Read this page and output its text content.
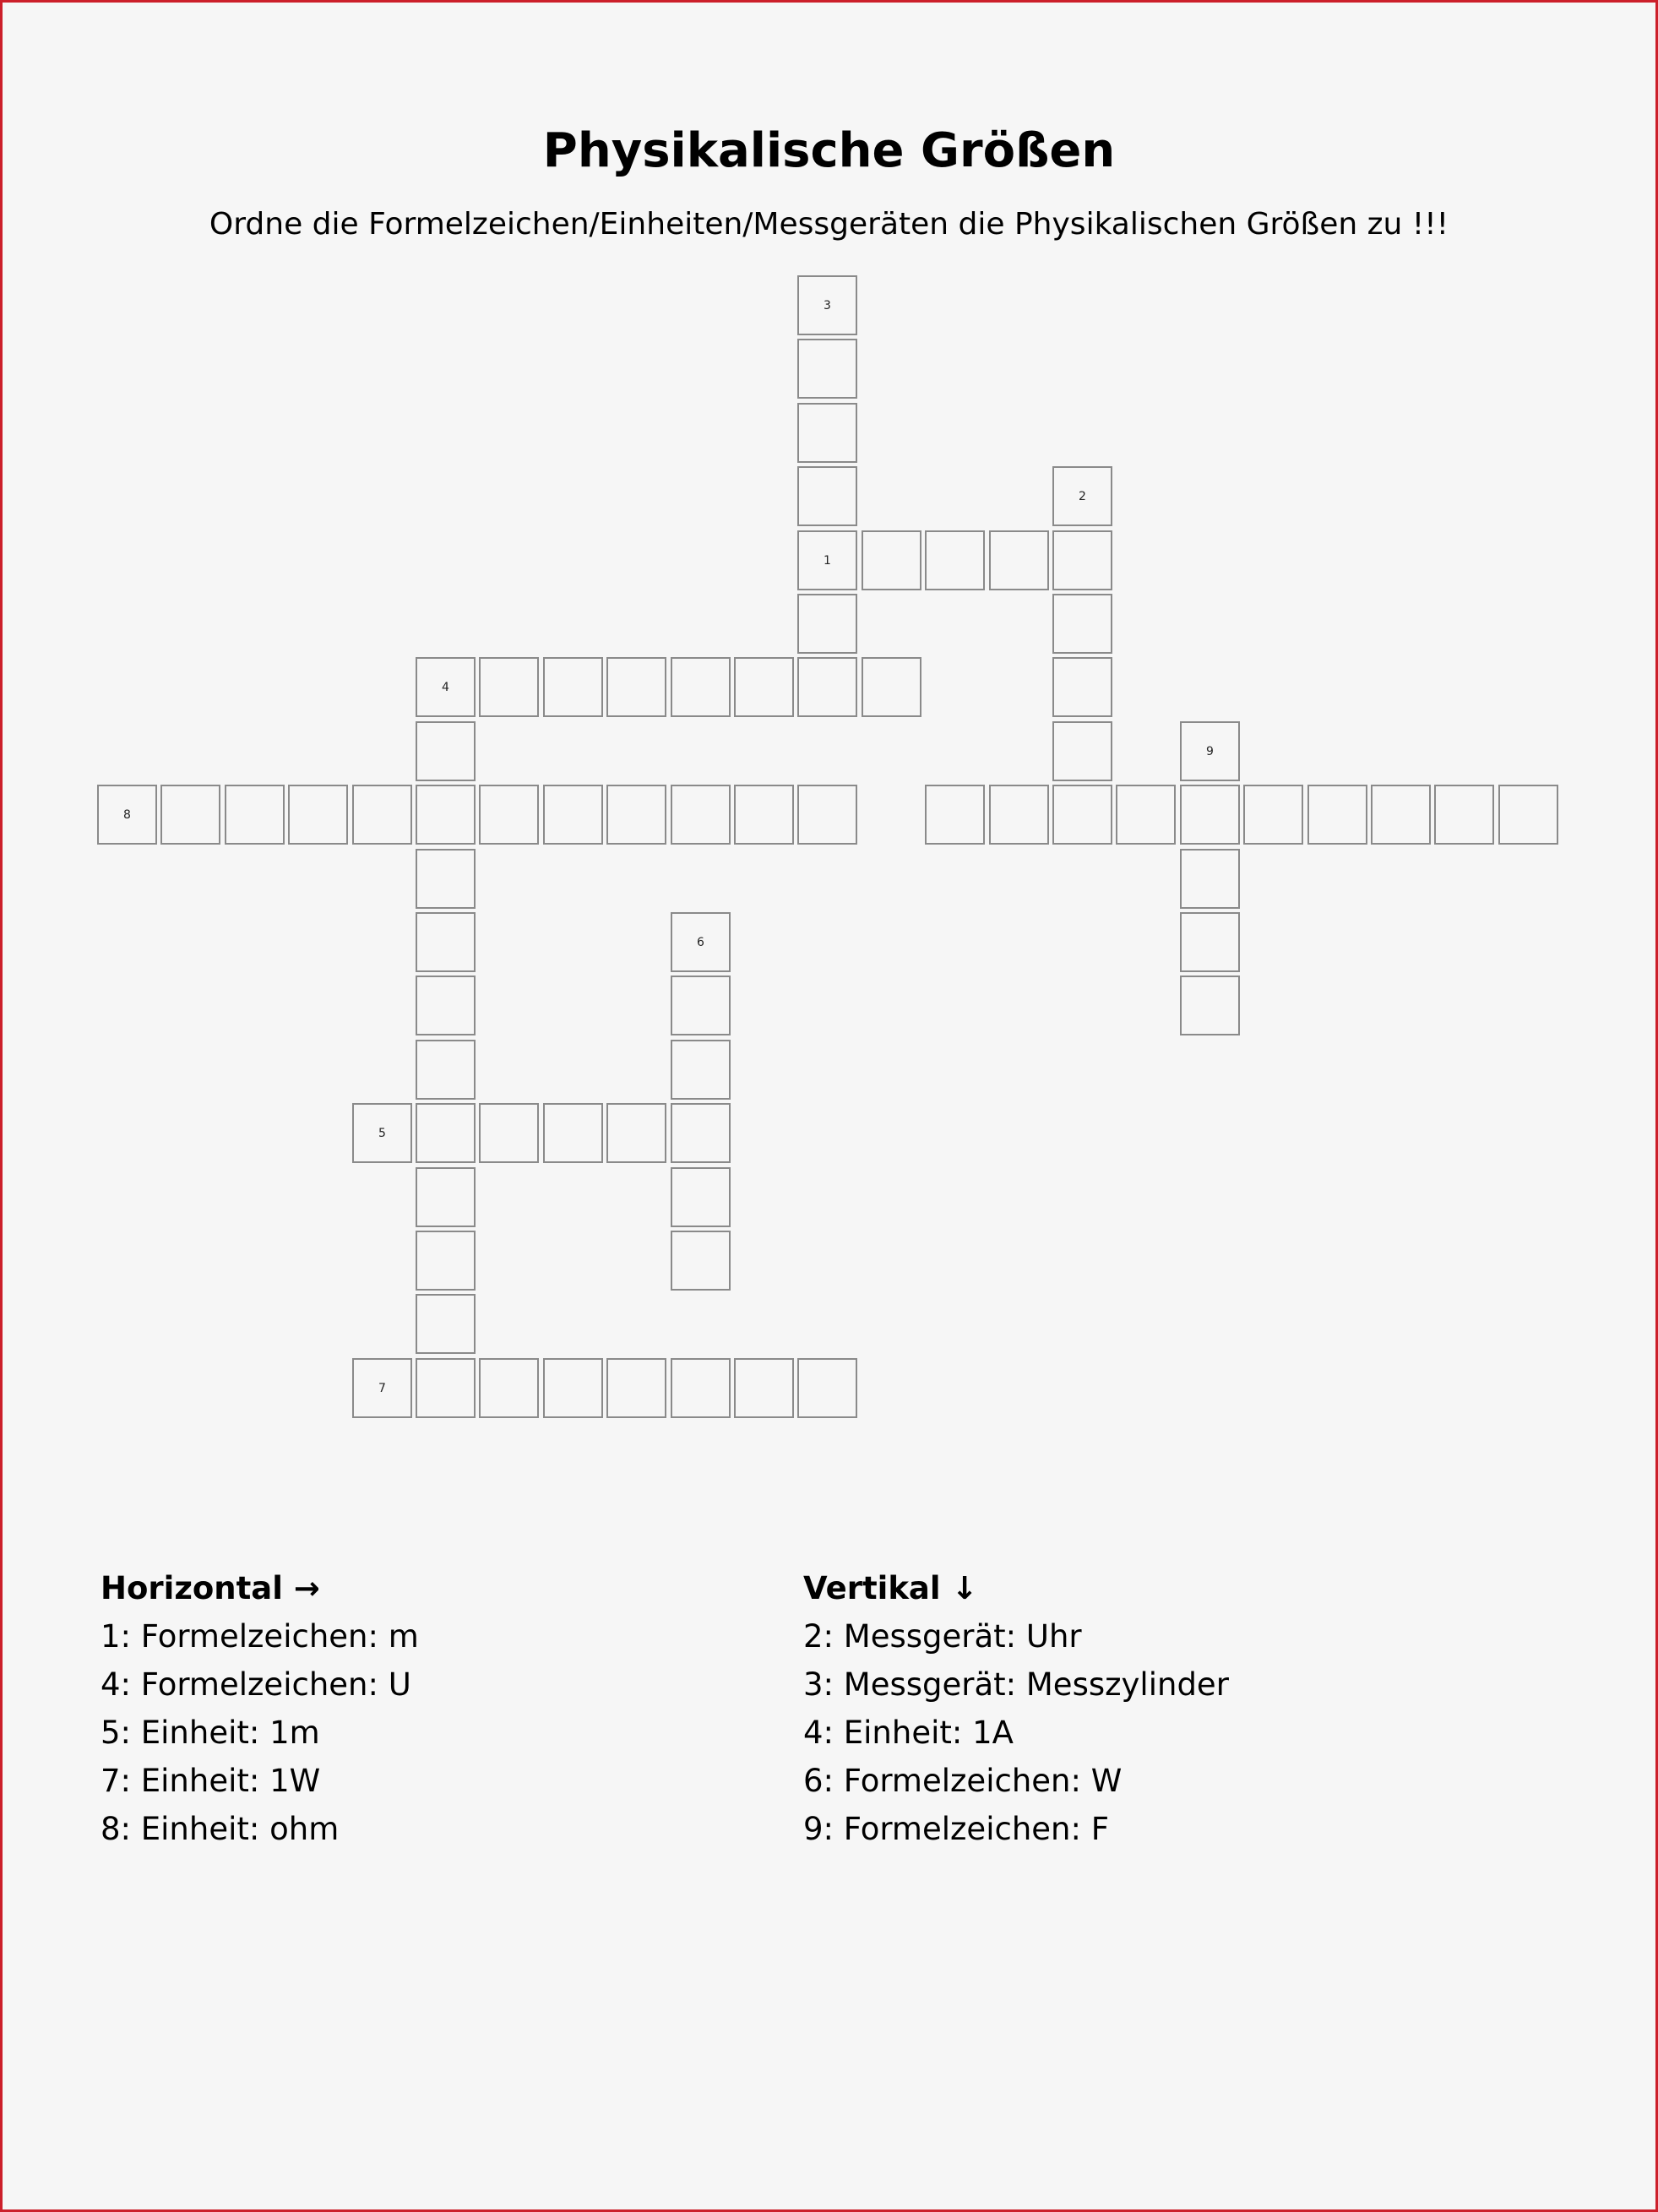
Physikalische Größen

Ordne die Formelzeichen/Einheiten/Messgeräten die Physikalischen Größen zu !!!

1
2
3
4
5
6
7
8
9
Horizontal →
1: Formelzeichen: m
4: Formelzeichen: U
5: Einheit: 1m
7: Einheit: 1W
8: Einheit: ohm
Vertikal ↓
2: Messgerät: Uhr
3: Messgerät: Messzylinder
4: Einheit: 1A
6: Formelzeichen: W
9: Formelzeichen: F
